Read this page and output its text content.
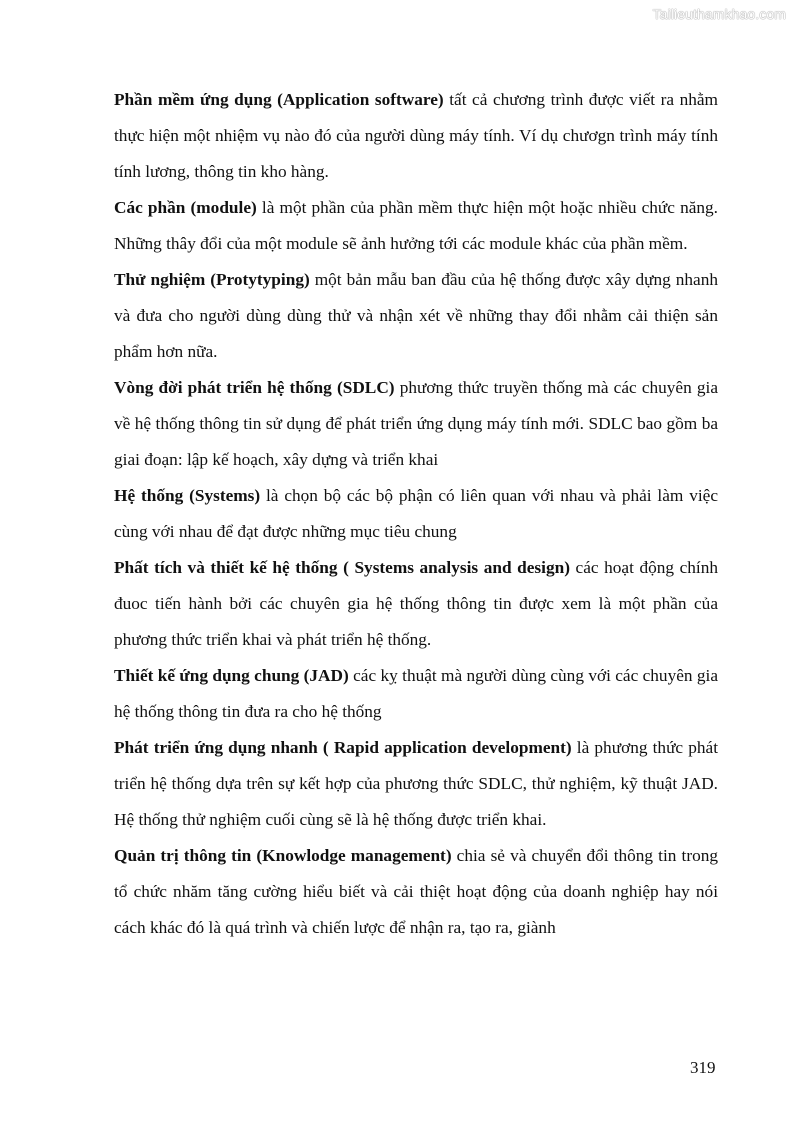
Tailieuthamkhao.com

Phần mềm ứng dụng (Application software) tất cả chương trình được viết ra nhằm thực hiện một nhiệm vụ nào đó của người dùng máy tính. Ví dụ chươgn trình máy tính tính lương, thông tin kho hàng.

Các phần (module) là một phần của phần mềm thực hiện một hoặc nhiều chức năng. Những thây đổi của một module sẽ ảnh hưởng tới các module khác của phần mềm.

Thử nghiệm (Protytyping) một bản mẫu ban đầu của hệ thống được xây dựng nhanh và đưa cho người dùng dùng thử và nhận xét về những thay đổi nhằm cải thiện sản phẩm hơn nữa.

Vòng đời phát triển hệ thống (SDLC) phương thức truyền thống mà các chuyên gia về hệ thống thông tin sử dụng để phát triển ứng dụng máy tính mới. SDLC bao gồm ba giai đoạn: lập kế hoạch, xây dựng và triển khai

Hệ thống (Systems) là chọn bộ các bộ phận có liên quan với nhau và phải làm việc cùng với nhau để đạt được những mục tiêu chung

Phất tích và thiết kế hệ thống ( Systems analysis and design) các hoạt động chính đuoc tiến hành bởi các chuyên gia hệ thống thông tin được xem là một phần của phương thức triển khai và phát triển hệ thống.

Thiết kế ứng dụng chung (JAD) các kỵ thuật mà người dùng cùng với các chuyên gia hệ thống thông tin đưa ra cho hệ thống

Phát triển ứng dụng nhanh ( Rapid application development) là phương thức phát triển hệ thống dựa trên sự kết hợp của phương thức SDLC, thử nghiệm, kỹ thuật JAD. Hệ thống thử nghiệm cuối cùng sẽ là hệ thống được triển khai.

Quản trị thông tin (Knowlodge management) chia sẻ và chuyển đổi thông tin trong tổ chức nhăm tăng cường hiểu biết và cải thiệt hoạt động của doanh nghiệp hay nói cách khác đó là quá trình và chiến lược để nhận ra, tạo ra, giành

319
